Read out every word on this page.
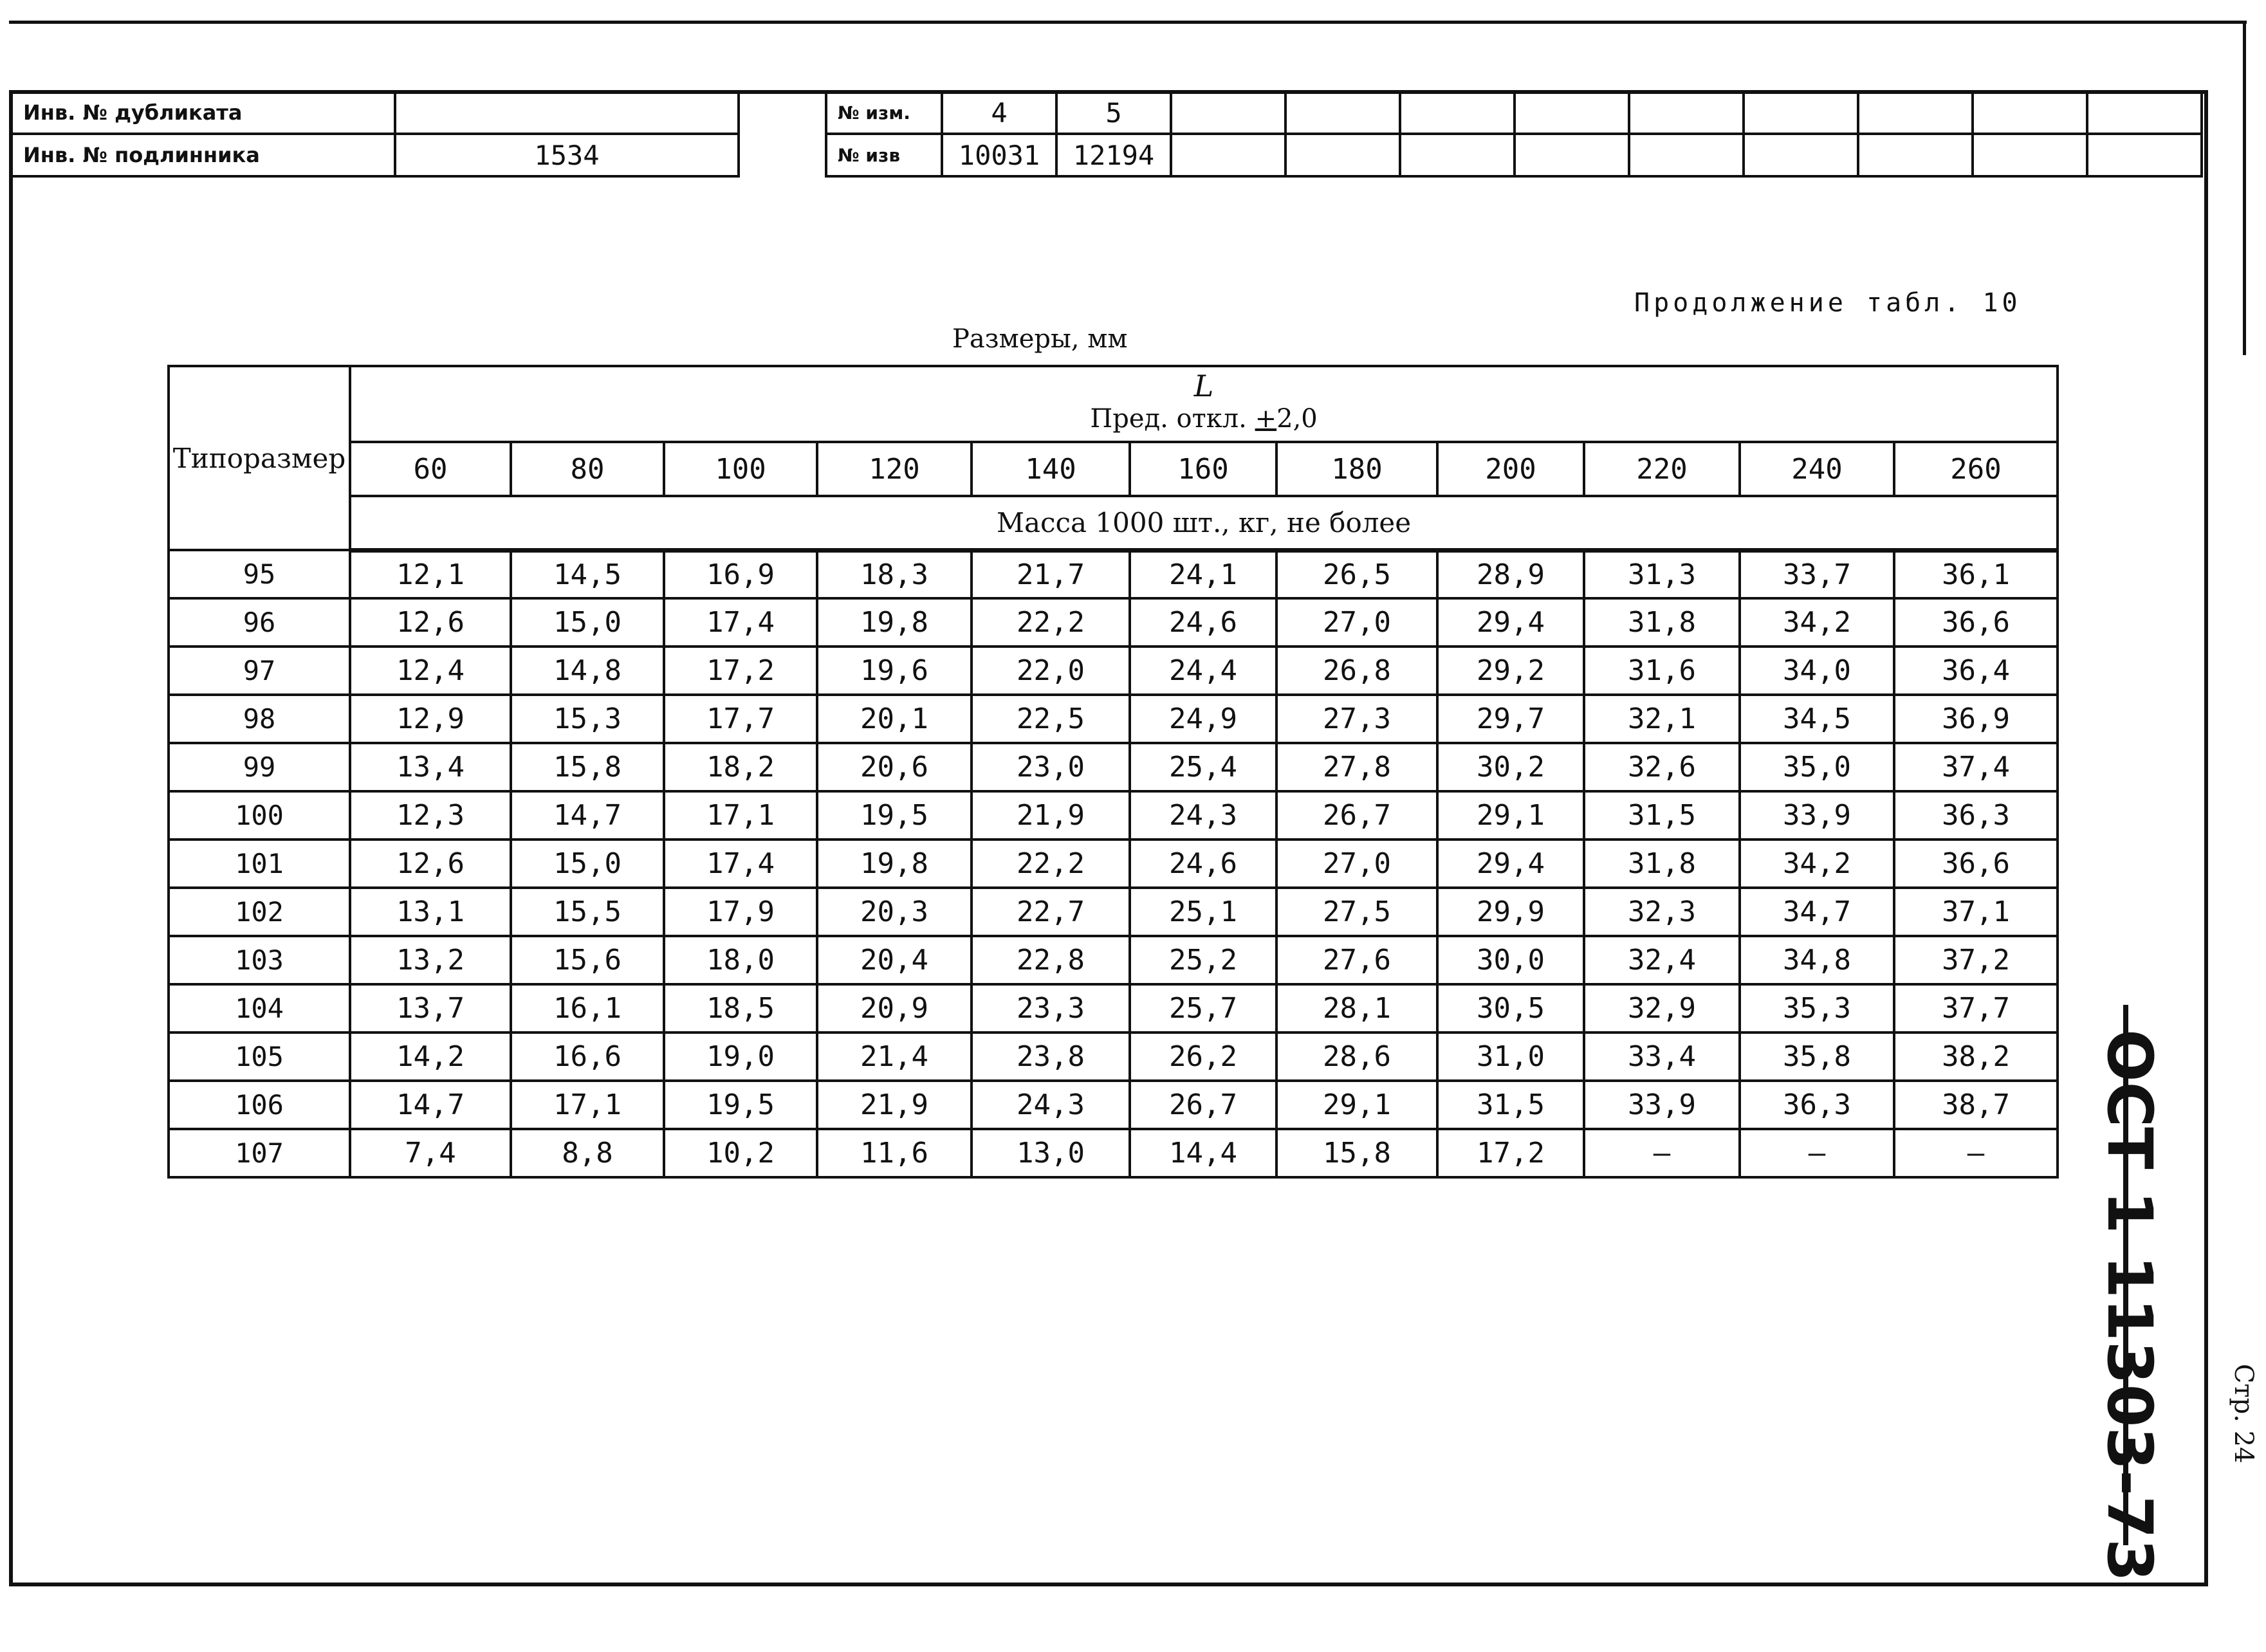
Инв. № дубликата	
Инв. № подлинника	1534
№ изм.	4	5									
№ изв	10031	12194									
Продолжение табл. 10
Размеры, мм
Типоразмер	L
Пред. откл. +2,0										

	60	80	100	120	140	160	180	200	220	240	260
	Масса 1000 шт., кг, не более										
95	12,1	14,5	16,9	18,3	21,7	24,1	26,5	28,9	31,3	33,7	36,1
96	12,6	15,0	17,4	19,8	22,2	24,6	27,0	29,4	31,8	34,2	36,6
97	12,4	14,8	17,2	19,6	22,0	24,4	26,8	29,2	31,6	34,0	36,4
98	12,9	15,3	17,7	20,1	22,5	24,9	27,3	29,7	32,1	34,5	36,9
99	13,4	15,8	18,2	20,6	23,0	25,4	27,8	30,2	32,6	35,0	37,4
100	12,3	14,7	17,1	19,5	21,9	24,3	26,7	29,1	31,5	33,9	36,3
101	12,6	15,0	17,4	19,8	22,2	24,6	27,0	29,4	31,8	34,2	36,6
102	13,1	15,5	17,9	20,3	22,7	25,1	27,5	29,9	32,3	34,7	37,1
103	13,2	15,6	18,0	20,4	22,8	25,2	27,6	30,0	32,4	34,8	37,2
104	13,7	16,1	18,5	20,9	23,3	25,7	28,1	30,5	32,9	35,3	37,7
105	14,2	16,6	19,0	21,4	23,8	26,2	28,6	31,0	33,4	35,8	38,2
106	14,7	17,1	19,5	21,9	24,3	26,7	29,1	31,5	33,9	36,3	38,7
107	7,4	8,8	10,2	11,6	13,0	14,4	15,8	17,2	–	–	– ОСТ 1 11303-73	Стр. 24
